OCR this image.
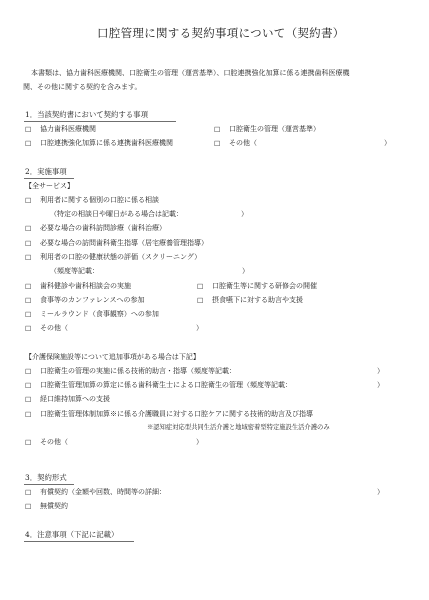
口腔管理に関する契約事項について（契約書）
本書類は、協力歯科医療機関、口腔衛生の管理（運営基準）、口腔連携強化加算に係る連携歯科医療機
関、その他に関する契約を含みます。
1．当該契約書において契約する事項
☐ 協力歯科医療機関	☐ 口腔衛生の管理（運営基準）
☐ 口腔連携強化加算に係る連携歯科医療機関	☐ その他（	）
2．実施事項
【全サービス】
☐ 利用者に関する個別の口腔に係る相談
（特定の相談日や曜日がある場合は記載：	）
☐ 必要な場合の歯科訪問診療（歯科治療）
☐ 必要な場合の訪問歯科衛生指導（居宅療養管理指導）
☐ 利用者の口腔の健康状態の評価（スクリーニング）
（頻度等記載：	）
☐ 歯科健診や歯科相談会の実施	☐ 口腔衛生等に関する研修会の開催
☐ 食事等のカンファレンスへの参加	☐ 摂食嚥下に対する助言や支援
☐ ミールラウンド（食事観察）への参加
☐ その他（	）
【介護保険施設等について追加事項がある場合は下記】
☐ 口腔衛生の管理の実施に係る技術的助言・指導（頻度等記載：	）
☐ 口腔衛生管理加算の算定に係る歯科衛生士による口腔衛生の管理（頻度等記載：	）
☐ 経口維持加算への支援
☐ 口腔衛生管理体制加算※に係る介護職員に対する口腔ケアに関する技術的助言及び指導
※認知症対応型共同生活介護と地域密着型特定施設生活介護のみ
☐ その他（	）
3．契約形式
☐ 有償契約（金額や回数、時間等の詳細：	）
☐ 無償契約
4．注意事項（下記に記載）
